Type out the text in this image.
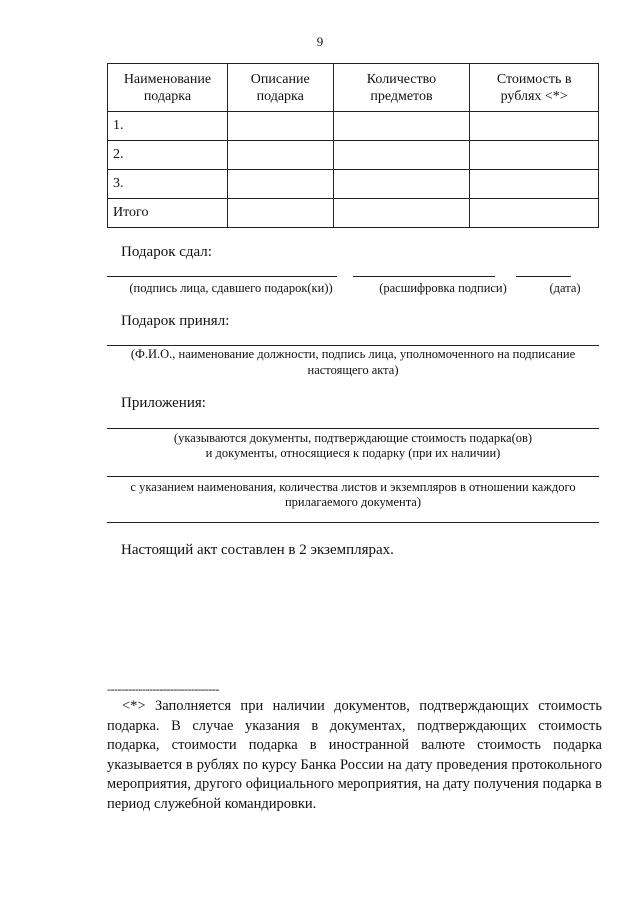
9
Наименование подарка	Описание подарка	Количество предметов	Стоимость в рублях <*>
1.			
2.			
3.			
Итого			
Подарок сдал:
(подпись лица, сдавшего подарок(ки))	(расшифровка подписи)	(дата)
Подарок принял:
(Ф.И.О., наименование должности, подпись лица, уполномоченного на подписание
настоящего акта)
Приложения:
(указываются документы, подтверждающие стоимость подарка(ов)
и документы, относящиеся к подарку (при их наличии)
с указанием наименования, количества листов и экземпляров в отношении каждого
прилагаемого документа)
Настоящий акт составлен в 2 экземплярах.
--------------------------------

<*> Заполняется при наличии документов, подтверждающих стоимость подарка. В случае указания в документах, подтверждающих стоимость подарка, стоимости подарка в иностранной валюте стоимость подарка указывается в рублях по курсу Банка России на дату проведения протокольного мероприятия, другого официального мероприятия, на дату получения подарка в период служебной командировки.
